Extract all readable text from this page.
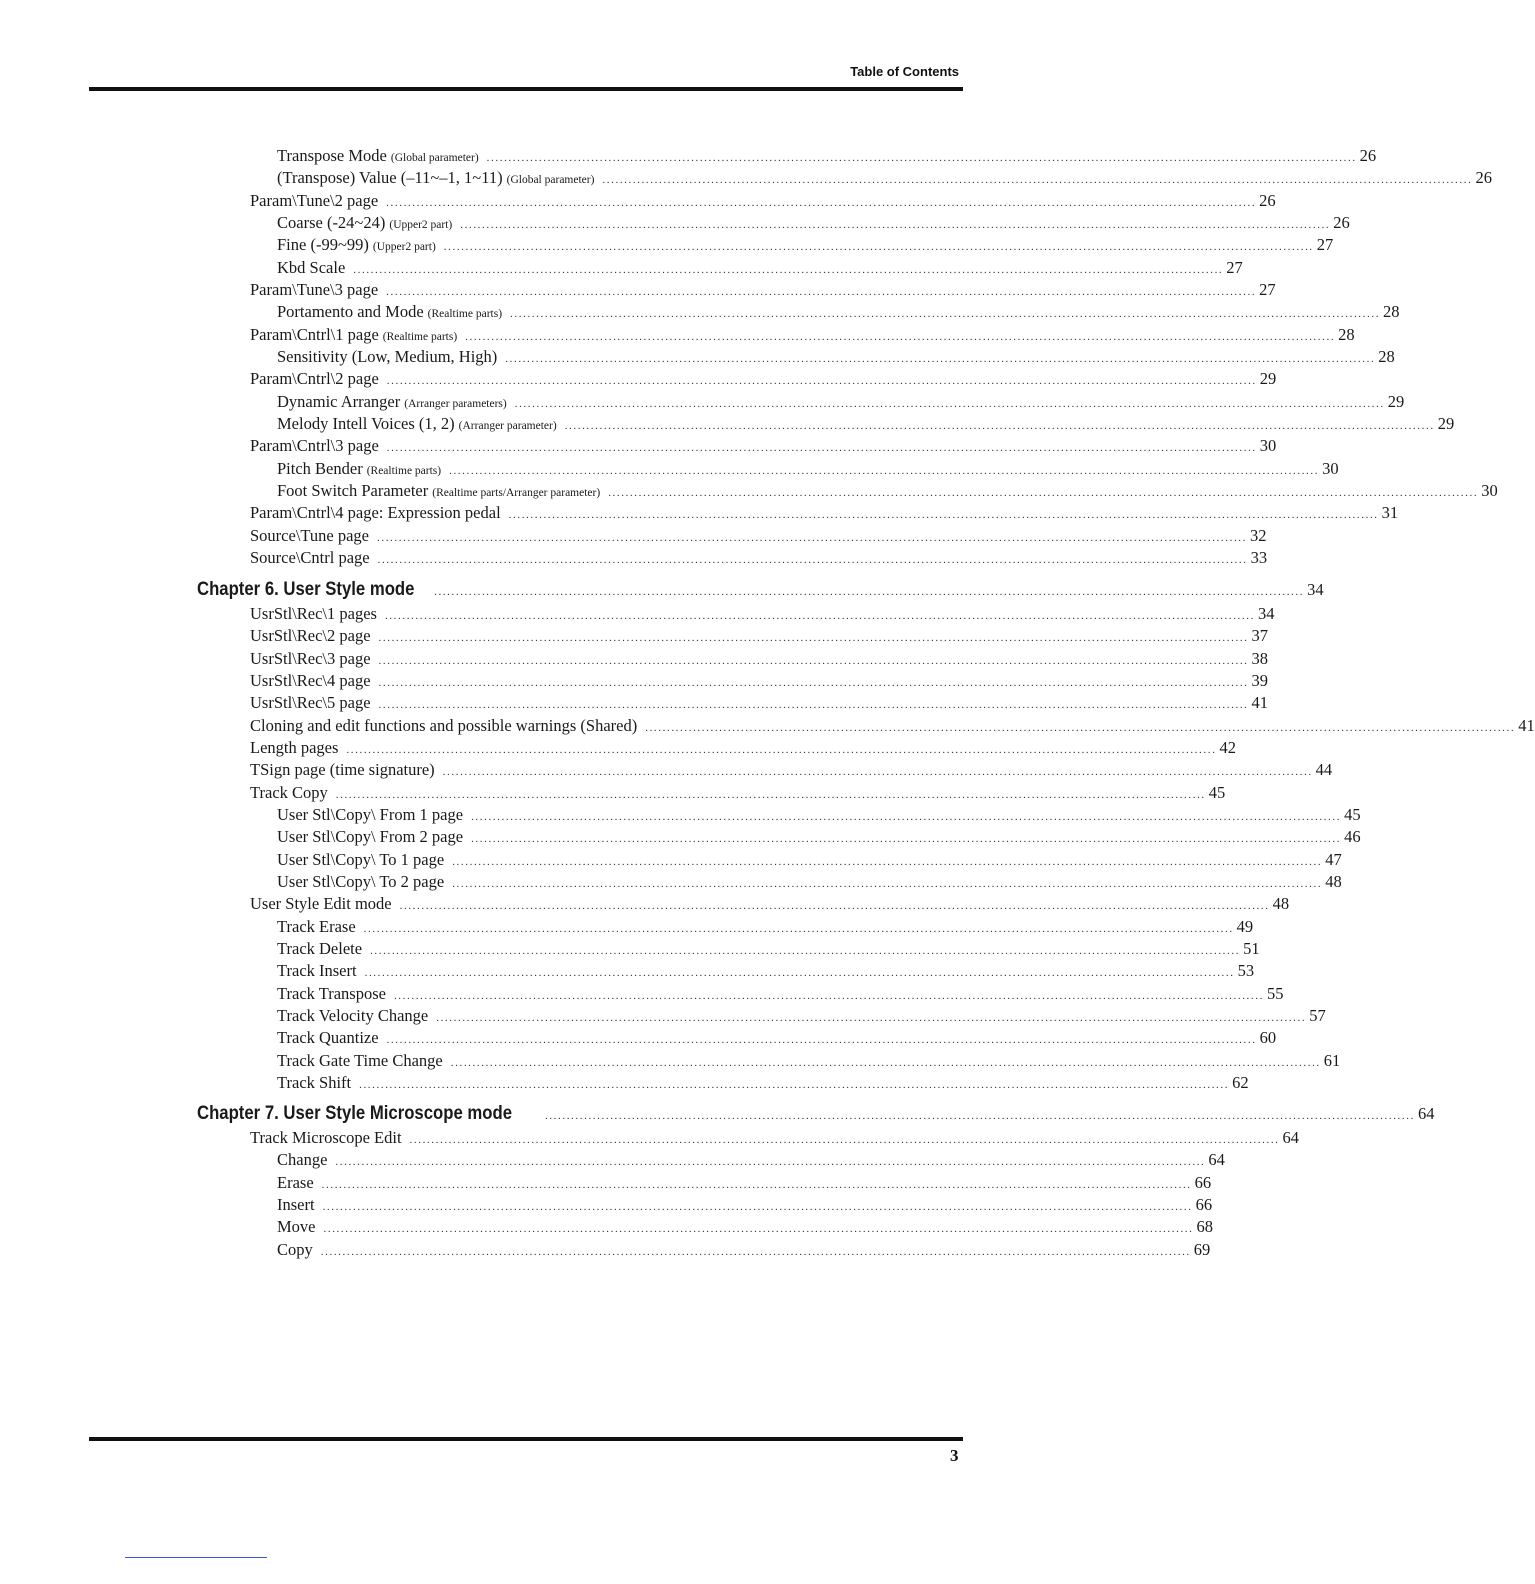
Table of Contents
Transpose Mode (Global parameter) ........................................................................................................................................................................................................ 26
(Transpose) Value (–11~–1, 1~11) (Global parameter) ........................................................................................................................................................................................................ 26
Param\Tune\2 page ........................................................................................................................................................................................................ 26
Coarse (-24~24) (Upper2 part) ........................................................................................................................................................................................................ 26
Fine (-99~99) (Upper2 part) ........................................................................................................................................................................................................ 27
Kbd Scale ........................................................................................................................................................................................................ 27
Param\Tune\3 page ........................................................................................................................................................................................................ 27
Portamento and Mode (Realtime parts) ........................................................................................................................................................................................................ 28
Param\Cntrl\1 page (Realtime parts) ........................................................................................................................................................................................................ 28
Sensitivity (Low, Medium, High) ........................................................................................................................................................................................................ 28
Param\Cntrl\2 page ........................................................................................................................................................................................................ 29
Dynamic Arranger (Arranger parameters) ........................................................................................................................................................................................................ 29
Melody Intell Voices (1, 2) (Arranger parameter) ........................................................................................................................................................................................................ 29
Param\Cntrl\3 page ........................................................................................................................................................................................................ 30
Pitch Bender (Realtime parts) ........................................................................................................................................................................................................ 30
Foot Switch Parameter (Realtime parts/Arranger parameter) ........................................................................................................................................................................................................ 30
Param\Cntrl\4 page: Expression pedal ........................................................................................................................................................................................................ 31
Source\Tune page ........................................................................................................................................................................................................ 32
Source\Cntrl page ........................................................................................................................................................................................................ 33
Chapter 6. User Style mode ........................................................................................................................................................................................................ 34
UsrStl\Rec\1 pages ........................................................................................................................................................................................................ 34
UsrStl\Rec\2 page ........................................................................................................................................................................................................ 37
UsrStl\Rec\3 page ........................................................................................................................................................................................................ 38
UsrStl\Rec\4 page ........................................................................................................................................................................................................ 39
UsrStl\Rec\5 page ........................................................................................................................................................................................................ 41
Cloning and edit functions and possible warnings (Shared) ........................................................................................................................................................................................................ 41
Length pages ........................................................................................................................................................................................................ 42
TSign page (time signature) ........................................................................................................................................................................................................ 44
Track Copy ........................................................................................................................................................................................................ 45
User Stl\Copy\ From 1 page ........................................................................................................................................................................................................ 45
User Stl\Copy\ From 2 page ........................................................................................................................................................................................................ 46
User Stl\Copy\ To 1 page ........................................................................................................................................................................................................ 47
User Stl\Copy\ To 2 page ........................................................................................................................................................................................................ 48
User Style Edit mode ........................................................................................................................................................................................................ 48
Track Erase ........................................................................................................................................................................................................ 49
Track Delete ........................................................................................................................................................................................................ 51
Track Insert ........................................................................................................................................................................................................ 53
Track Transpose ........................................................................................................................................................................................................ 55
Track Velocity Change ........................................................................................................................................................................................................ 57
Track Quantize ........................................................................................................................................................................................................ 60
Track Gate Time Change ........................................................................................................................................................................................................ 61
Track Shift ........................................................................................................................................................................................................ 62
Chapter 7. User Style Microscope mode	........................................................................................................................................................................................................ 64
Track Microscope Edit ........................................................................................................................................................................................................ 64
Change ........................................................................................................................................................................................................ 64
Erase ........................................................................................................................................................................................................ 66
Insert ........................................................................................................................................................................................................ 66
Move ........................................................................................................................................................................................................ 68
Copy ........................................................................................................................................................................................................ 69
3
